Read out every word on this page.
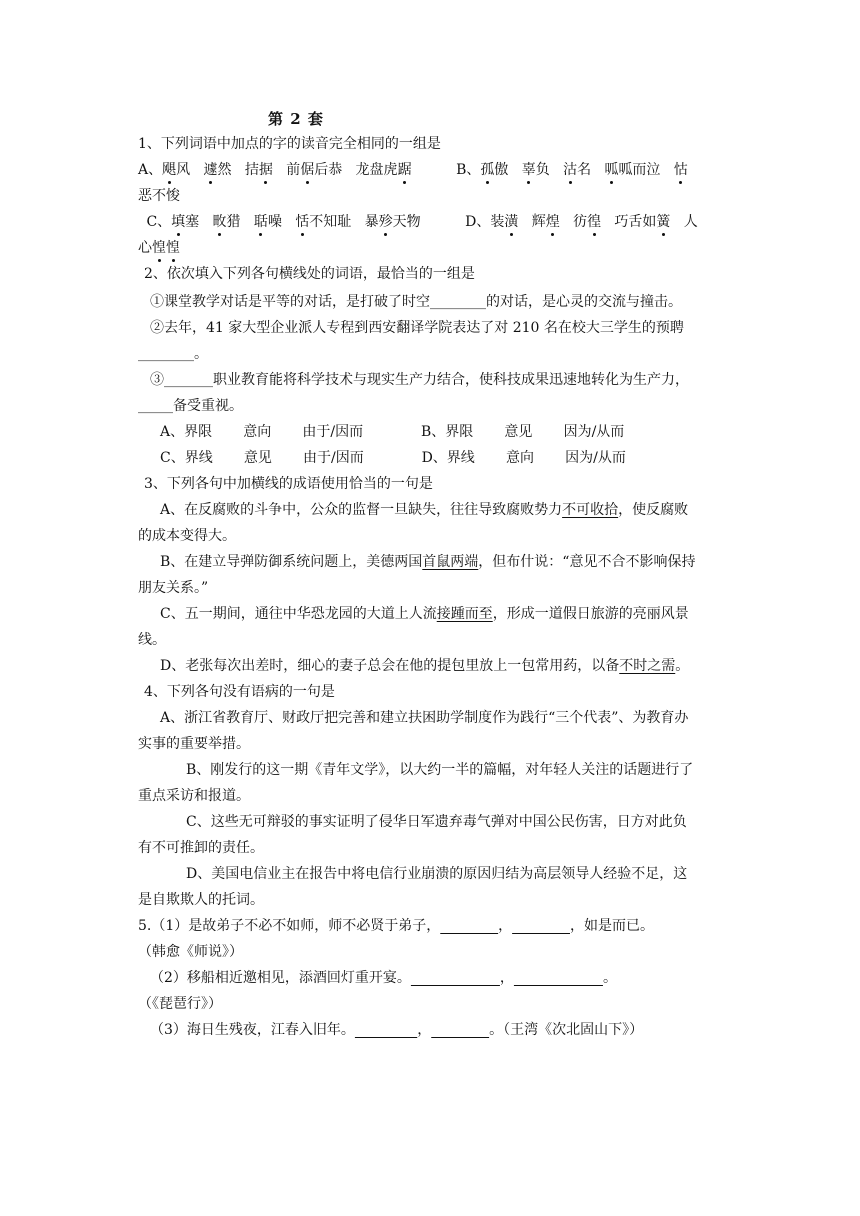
第 2 套
1、下列词语中加点的字的读音完全相同的一组是
A、飓风   遽然   拮据   前倨后恭   龙盘虎踞          B、孤傲   辜负   沽名   呱呱而泣   怙
恶不悛
C、填塞   畋猎   聒噪   恬不知耻   暴殄天物          D、装潢   辉煌   彷徨   巧舌如簧   人
心惶惶
2、依次填入下列各句横线处的词语，最恰当的一组是
①课堂教学对话是平等的对话，是打破了时空________的对话，是心灵的交流与撞击。
②去年，41 家大型企业派人专程到西安翻译学院表达了对 210 名在校大三学生的预聘
________。
③_______职业教育能将科学技术与现实生产力结合，使科技成果迅速地转化为生产力，
_____备受重视。
A、界限       意向       由于/因而             B、界限       意见       因为/从而
C、界线       意见       由于/因而             D、界线       意向       因为/从而
3、下列各句中加横线的成语使用恰当的一句是
A、在反腐败的斗争中，公众的监督一旦缺失，往往导致腐败势力不可收拾，使反腐败
的成本变得大。
B、在建立导弹防御系统问题上，美德两国首鼠两端，但布什说：“意见不合不影响保持
朋友关系。”
C、五一期间，通往中华恐龙园的大道上人流接踵而至，形成一道假日旅游的亮丽风景
线。
D、老张每次出差时，细心的妻子总会在他的提包里放上一包常用药，以备不时之需。
4、下列各句没有语病的一句是
A、浙江省教育厅、财政厅把完善和建立扶困助学制度作为践行“三个代表”、为教育办
实事的重要举措。
B、刚发行的这一期《青年文学》，以大约一半的篇幅，对年轻人关注的话题进行了
重点采访和报道。
C、这些无可辩驳的事实证明了侵华日军遗弃毒气弹对中国公民伤害，日方对此负
有不可推卸的责任。
D、美国电信业主在报告中将电信行业崩溃的原因归结为高层领导人经验不足，这
是自欺欺人的托词。
5.（1）是故弟子不必不如师，师不必贤于弟子，	，	，如是而已。
（韩愈《师说》）
（2）移船相近邀相见，添酒回灯重开宴。	，	。
（《琵琶行》）
（3）海日生残夜，江春入旧年。	，	。（王湾《次北固山下》）
